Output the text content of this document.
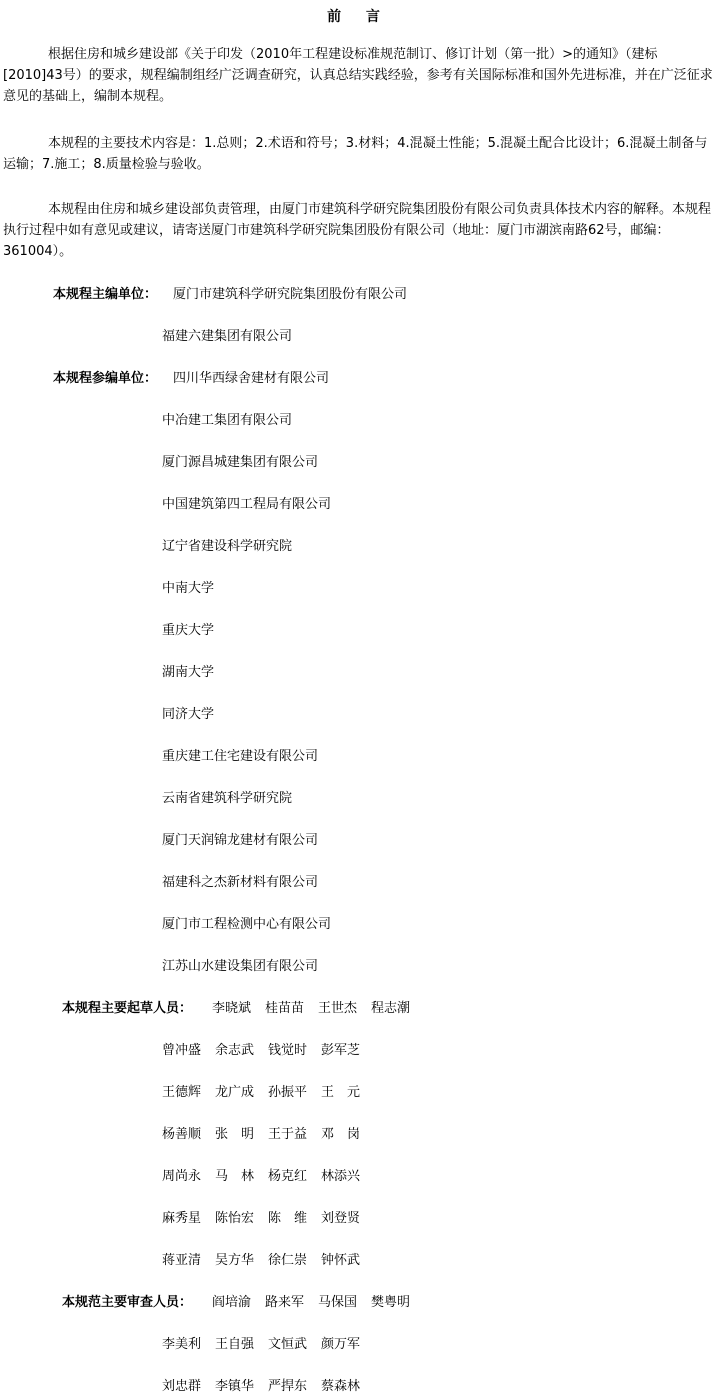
前 言
根据住房和城乡建设部《关于印发（2010年工程建设标准规范制订、修订计划（第一批）>的通知》（建标[2010]43号）的要求，规程编制组经广泛调查研究，认真总结实践经验，参考有关国际标准和国外先进标准，并在广泛征求意见的基础上，编制本规程。
本规程的主要技术内容是：1.总则；2.术语和符号；3.材料；4.混凝土性能；5.混凝土配合比设计；6.混凝土制备与运输；7.施工；8.质量检验与验收。
本规程由住房和城乡建设部负责管理，由厦门市建筑科学研究院集团股份有限公司负责具体技术内容的解释。本规程执行过程中如有意见或建议，请寄送厦门市建筑科学研究院集团股份有限公司（地址：厦门市湖滨南路62号，邮编：361004）。
本规程主编单位： 厦门市建筑科学研究院集团股份有限公司
福建六建集团有限公司
本规程参编单位： 四川华西绿舍建材有限公司
中冶建工集团有限公司
厦门源昌城建集团有限公司
中国建筑第四工程局有限公司
辽宁省建设科学研究院
中南大学
重庆大学
湖南大学
同济大学
重庆建工住宅建设有限公司
云南省建筑科学研究院
厦门天润锦龙建材有限公司
福建科之杰新材料有限公司
厦门市工程检测中心有限公司
江苏山水建设集团有限公司
本规程主要起草人员： 李晓斌 桂苗苗 王世杰 程志潮
曾冲盛 余志武 钱觉时 彭军芝
王德辉 龙广成 孙振平 王　元
杨善顺 张　明 王于益 邓　岗
周尚永 马　林 杨克红 林添兴
麻秀星 陈怡宏 陈　维 刘登贤
蒋亚清 吴方华 徐仁崇 钟怀武
本规范主要审查人员： 阎培渝 路来军 马保国 樊粤明
李美利 王自强 文恒武 颜万军
刘忠群 李镇华 严捍东 蔡森林
